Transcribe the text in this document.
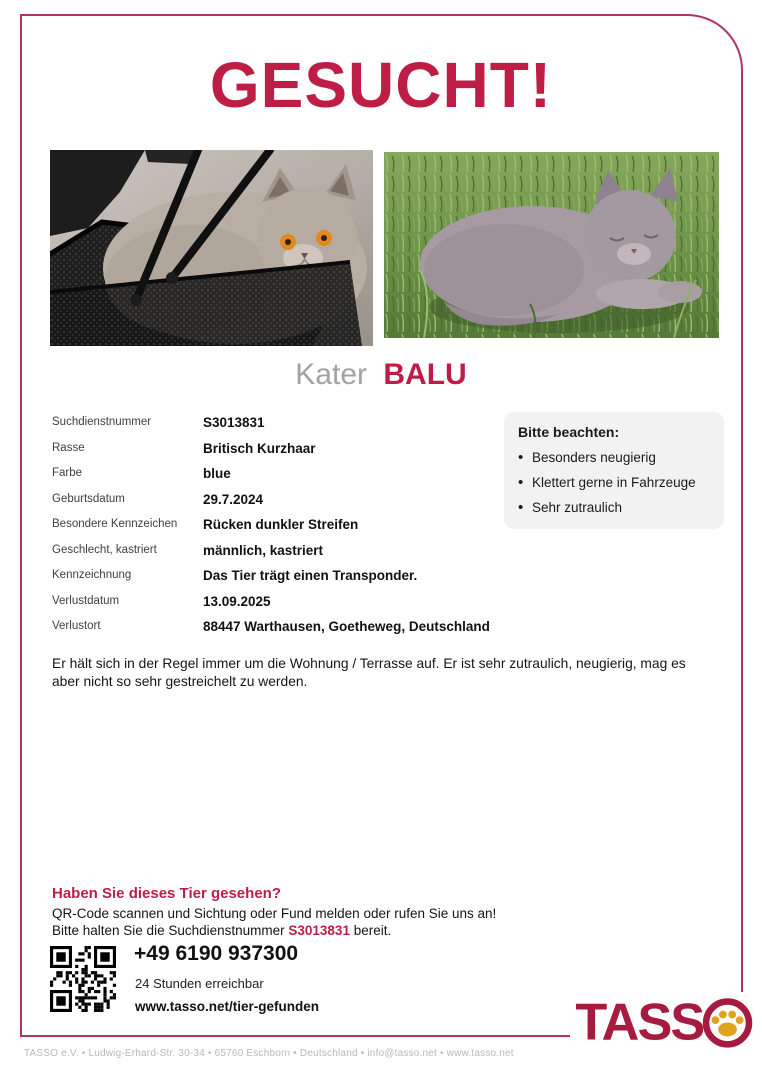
GESUCHT!
Kater BALU
Suchdienstnummer	S3013831
Rasse	Britisch Kurzhaar
Farbe	blue
Geburtsdatum	29.7.2024
Besondere Kennzeichen	Rücken dunkler Streifen
Geschlecht, kastriert	männlich, kastriert
Kennzeichnung	Das Tier trägt einen Transponder.
Verlustdatum	13.09.2025
Verlustort	88447 Warthausen, Goetheweg, Deutschland

Bitte beachten:

• Besonders neugierig
• Klettert gerne in Fahrzeuge
• Sehr zutraulich
Er hält sich in der Regel immer um die Wohnung / Terrasse auf. Er ist sehr zutraulich, neugierig, mag es aber nicht so sehr gestreichelt zu werden.

Haben Sie dieses Tier gesehen?

QR-Code scannen und Sichtung oder Fund melden oder rufen Sie uns an!
Bitte halten Sie die Suchdienstnummer S3013831 bereit.
+49 6190 937300
24 Stunden erreichbar
www.tasso.net/tier-gefunden	TASS
TASSO e.V. • Ludwig-Erhard-Str. 30-34 • 65760 Eschborn • Deutschland • info@tasso.net • www.tasso.net
